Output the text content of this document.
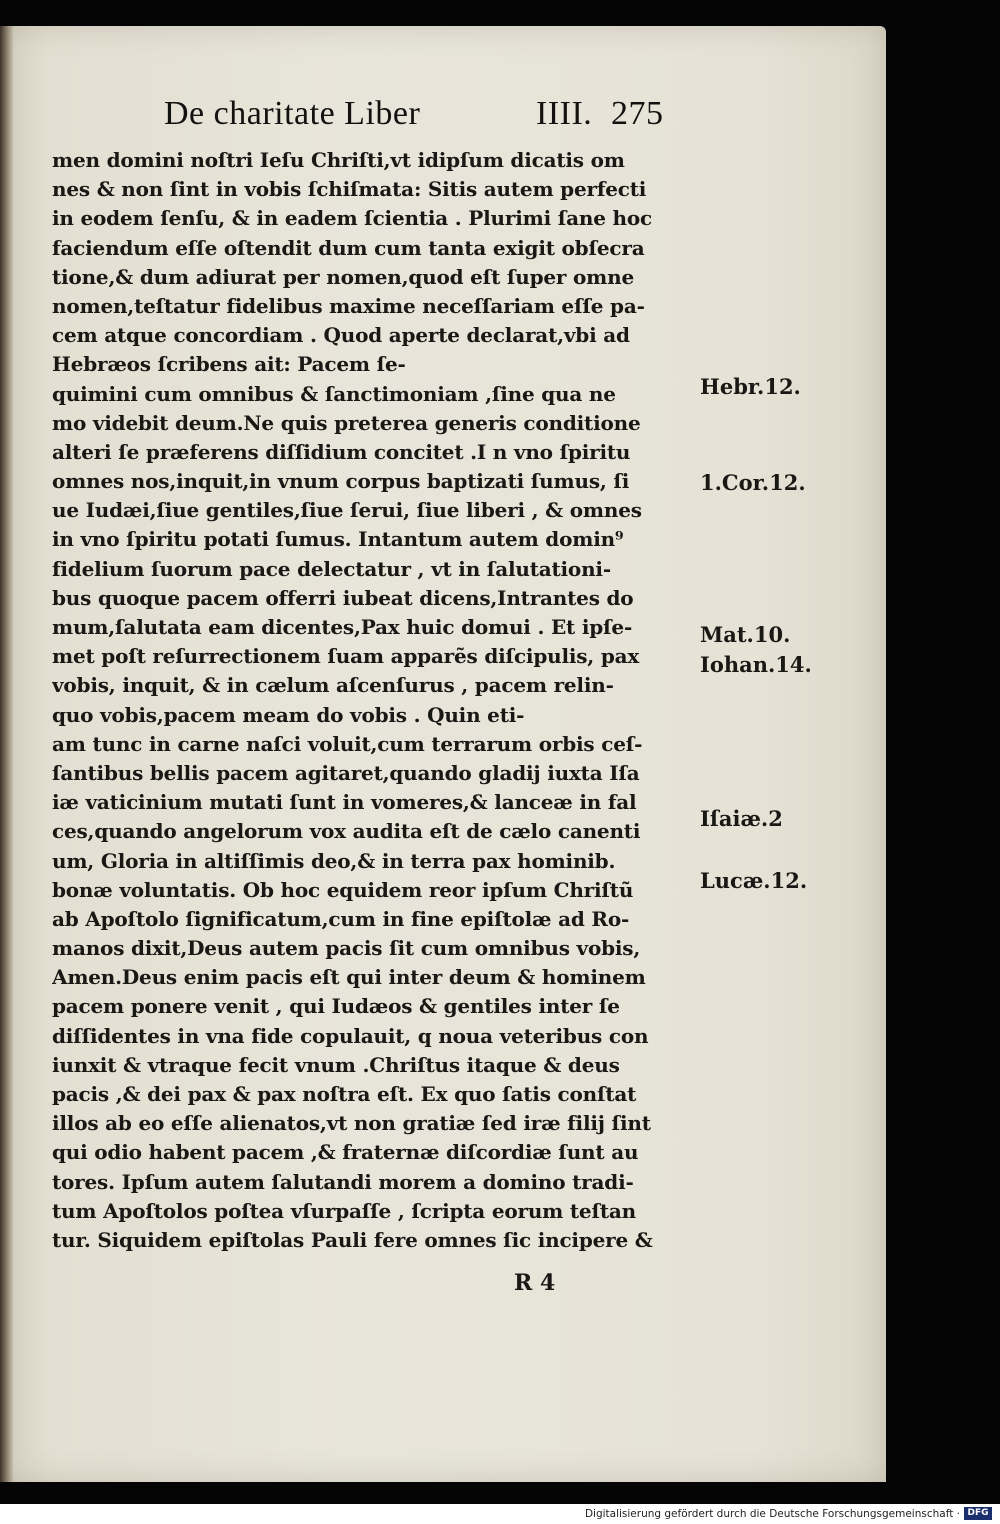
De charitate Liber	IIII. 275
men domini noſtri Ieſu Chriſti,vt idipſum dicatis om
nes & non ſint in vobis ſchiſmata: Sitis autem perfecti
in eodem ſenſu, & in eadem ſcientia . Plurimi ſane hoc
faciendum eſſe oſtendit dum cum tanta exigit obſecra
tione,& dum adiurat per nomen,quod eſt ſuper omne
nomen,teſtatur fidelibus maxime neceſſariam eſſe pa-
cem atque concordiam . Quod aperte declarat,vbi ad
Hebræos ſcribens ait: Pacem ſe-
quimini cum omnibus & ſanctimoniam ,ſine qua ne
mo videbit deum.Ne quis preterea generis conditione
alteri ſe præferens diſſidium concitet .I n vno ſpiritu
omnes nos,inquit,in vnum corpus baptizati ſumus, ſi
ue Iudæi,ſiue gentiles,ſiue ſerui, ſiue liberi , & omnes
in vno ſpiritu potati ſumus. Intantum autem domin⁹
fidelium ſuorum pace delectatur , vt in ſalutationi-
bus quoque pacem offerri iubeat dicens,Intrantes do
mum,ſalutata eam dicentes,Pax huic domui . Et ipſe-
met poſt reſurrectionem ſuam apparẽs diſcipulis, pax
vobis, inquit, & in cælum aſcenſurus , pacem relin-
quo vobis,pacem meam do vobis . Quin eti-
am tunc in carne naſci voluit,cum terrarum orbis ceſ-
ſantibus bellis pacem agitaret,quando gladij iuxta Iſa
iæ vaticinium mutati ſunt in vomeres,& lanceæ in fal
ces,quando angelorum vox audita eſt de cælo canenti
um, Gloria in altiſſimis deo,& in terra pax hominib.
bonæ voluntatis. Ob hoc equidem reor ipſum Chriſtũ
ab Apoſtolo ſignificatum,cum in fine epiſtolæ ad Ro-
manos dixit,Deus autem pacis ſit cum omnibus vobis,
Amen.Deus enim pacis eſt qui inter deum & hominem
pacem ponere venit , qui Iudæos & gentiles inter ſe
diſſidentes in vna fide copulauit, q noua veteribus con
iunxit & vtraque fecit vnum .Chriſtus itaque & deus
pacis ,& dei pax & pax noſtra eſt. Ex quo ſatis conſtat
illos ab eo eſſe alienatos,vt non gratiæ ſed iræ filij ſint
qui odio habent pacem ,& fraternæ diſcordiæ ſunt au
tores. Ipſum autem ſalutandi morem a domino tradi-
tum Apoſtolos poſtea vſurpaſſe , ſcripta eorum teſtan
tur. Siquidem epiſtolas Pauli fere omnes ſic incipere &
Hebr.12.
1.Cor.12.
Mat.10.
Iohan.14.
Iſaiæ.2
Lucæ.12.
R 4
Digitalisierung gefördert durch die Deutsche Forschungsgemeinschaft · DFG
